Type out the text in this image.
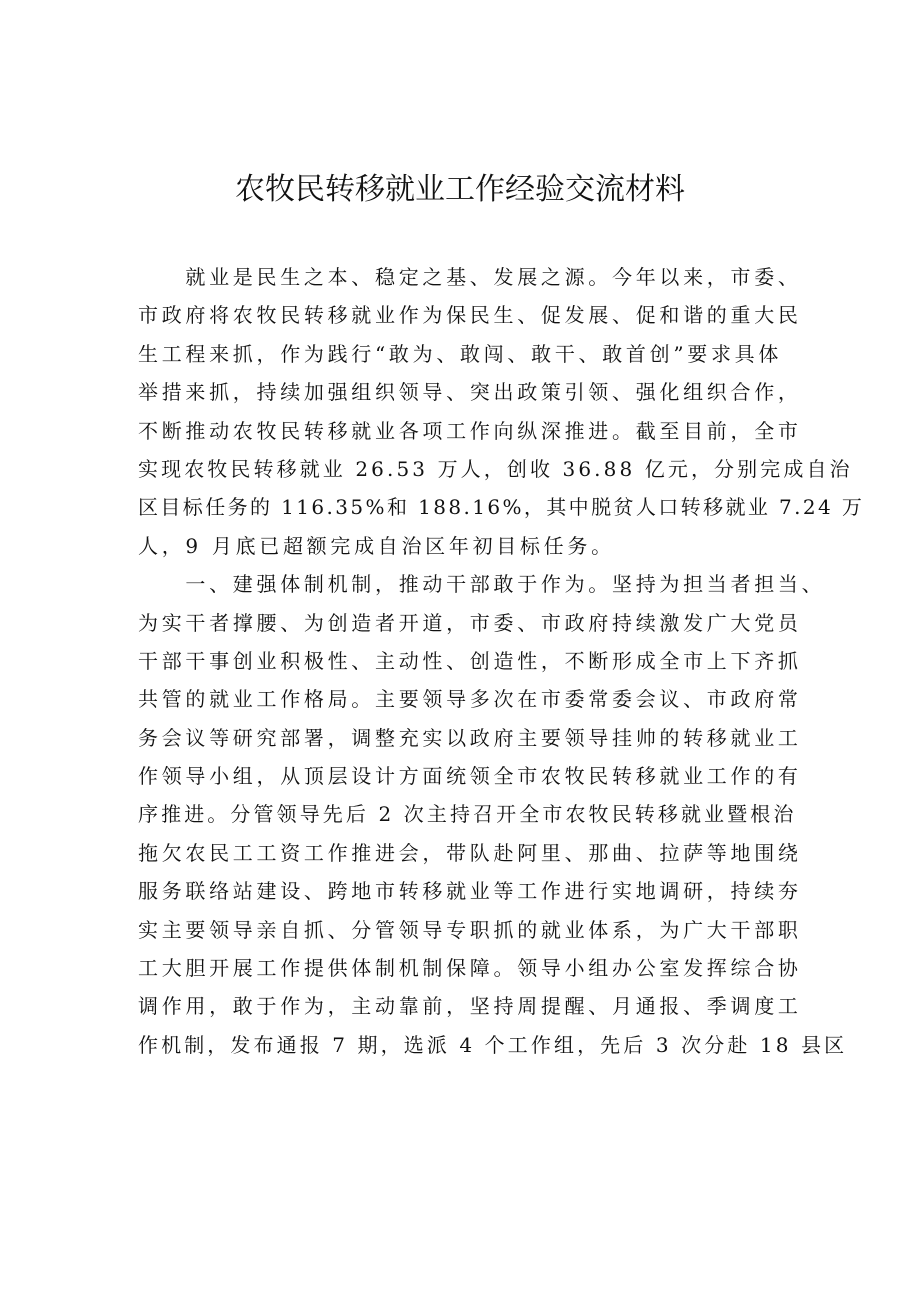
农牧民转移就业工作经验交流材料
　　就业是民生之本、稳定之基、发展之源。今年以来，市委、
市政府将农牧民转移就业作为保民生、促发展、促和谐的重大民
生工程来抓，作为践行“敢为、敢闯、敢干、敢首创”要求具体
举措来抓，持续加强组织领导、突出政策引领、强化组织合作，
不断推动农牧民转移就业各项工作向纵深推进。截至目前，全市
实现农牧民转移就业 26.53 万人，创收 36.88 亿元，分别完成自治
区目标任务的 116.35%和 188.16%，其中脱贫人口转移就业 7.24 万
人，9 月底已超额完成自治区年初目标任务。
　　一、建强体制机制，推动干部敢于作为。坚持为担当者担当、
为实干者撑腰、为创造者开道，市委、市政府持续激发广大党员
干部干事创业积极性、主动性、创造性，不断形成全市上下齐抓
共管的就业工作格局。主要领导多次在市委常委会议、市政府常
务会议等研究部署，调整充实以政府主要领导挂帅的转移就业工
作领导小组，从顶层设计方面统领全市农牧民转移就业工作的有
序推进。分管领导先后 2 次主持召开全市农牧民转移就业暨根治
拖欠农民工工资工作推进会，带队赴阿里、那曲、拉萨等地围绕
服务联络站建设、跨地市转移就业等工作进行实地调研，持续夯
实主要领导亲自抓、分管领导专职抓的就业体系，为广大干部职
工大胆开展工作提供体制机制保障。领导小组办公室发挥综合协
调作用，敢于作为，主动靠前，坚持周提醒、月通报、季调度工
作机制，发布通报 7 期，选派 4 个工作组，先后 3 次分赴 18 县区
